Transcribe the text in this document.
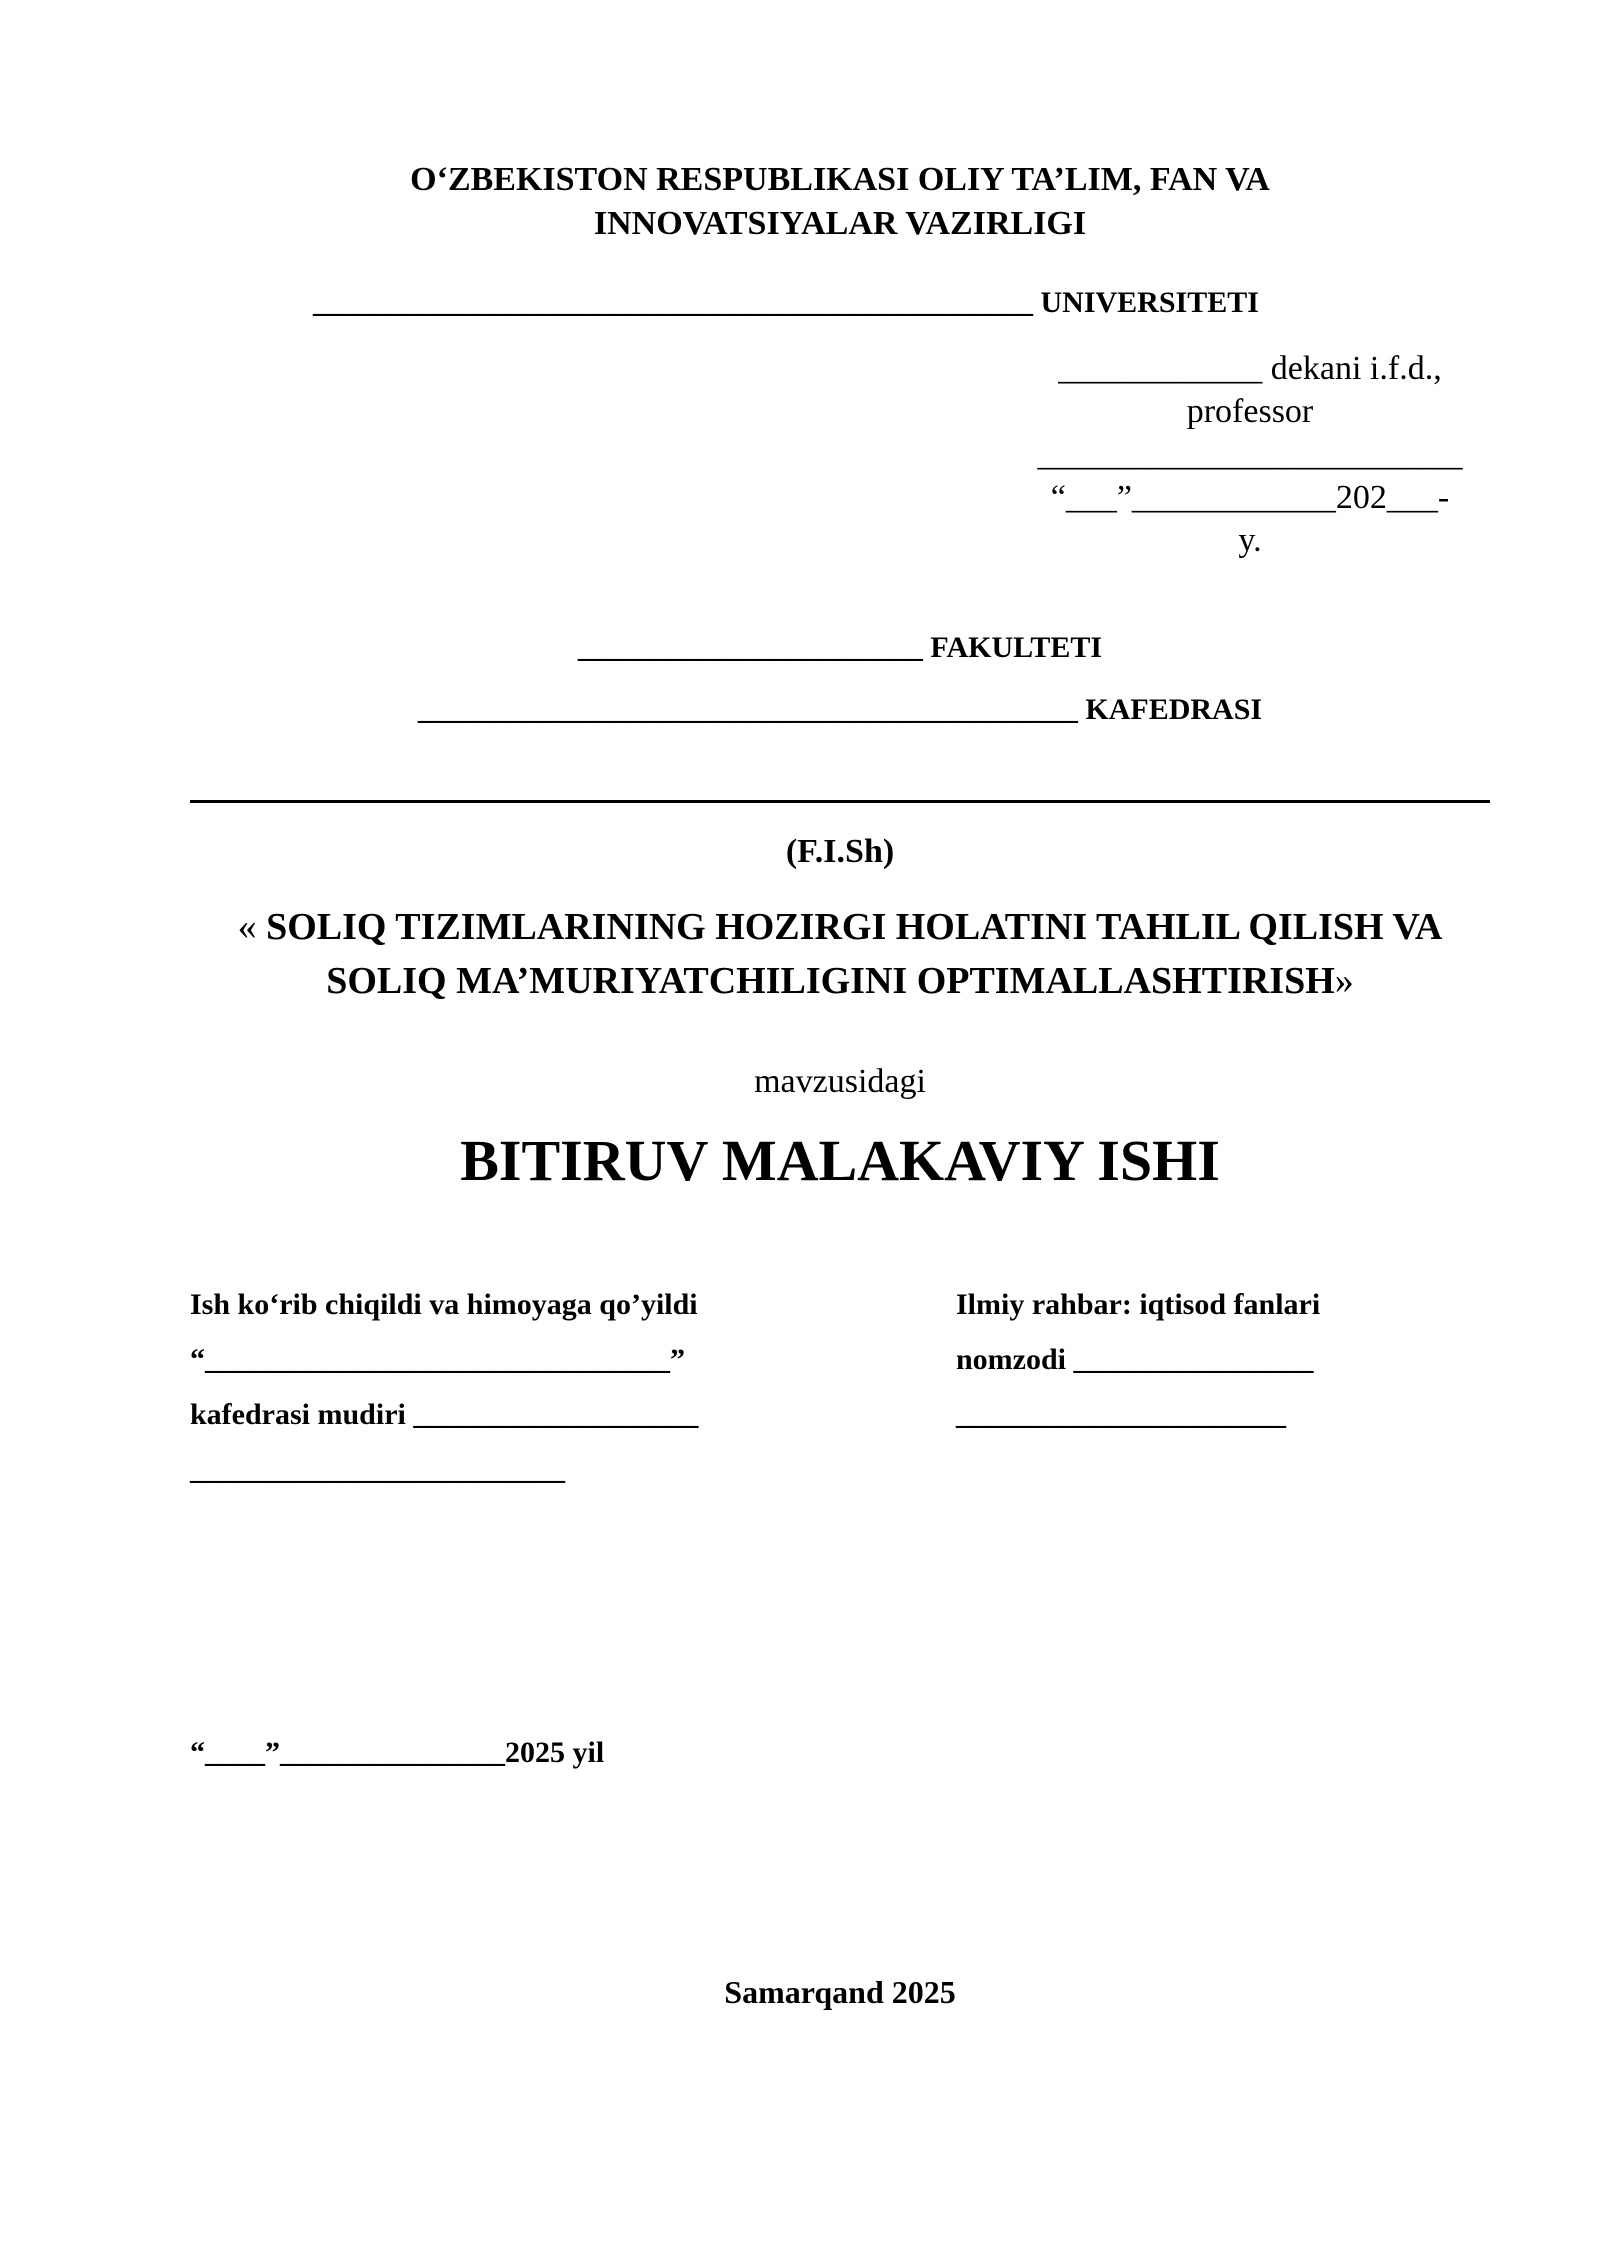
O‘ZBEKISTON RESPUBLIKASI OLIY TA’LIM, FAN VA
INNOVATSIYALAR VAZIRLIGI
________________________________________________ UNIVERSITETI
____________ dekani i.f.d.,
professor
_________________________
“___”____________202___-
y.
_______________________ FAKULTETI
____________________________________________ KAFEDRASI
(F.I.Sh)
« SOLIQ TIZIMLARINING HOZIRGI HOLATINI TAHLIL QILISH VA SOLIQ MA’MURIYATCHILIGINI OPTIMALLASHTIRISH»
mavzusidagi
BITIRUV MALAKAVIY ISHI
Ish ko‘rib chiqildi va himoyaga qo’yildi
“_______________________________”
kafedrasi mudiri ___________________
_________________________
Ilmiy rahbar: iqtisod fanlari
nomzodi ________________
______________________
“____”_______________2025 yil
Samarqand 2025
